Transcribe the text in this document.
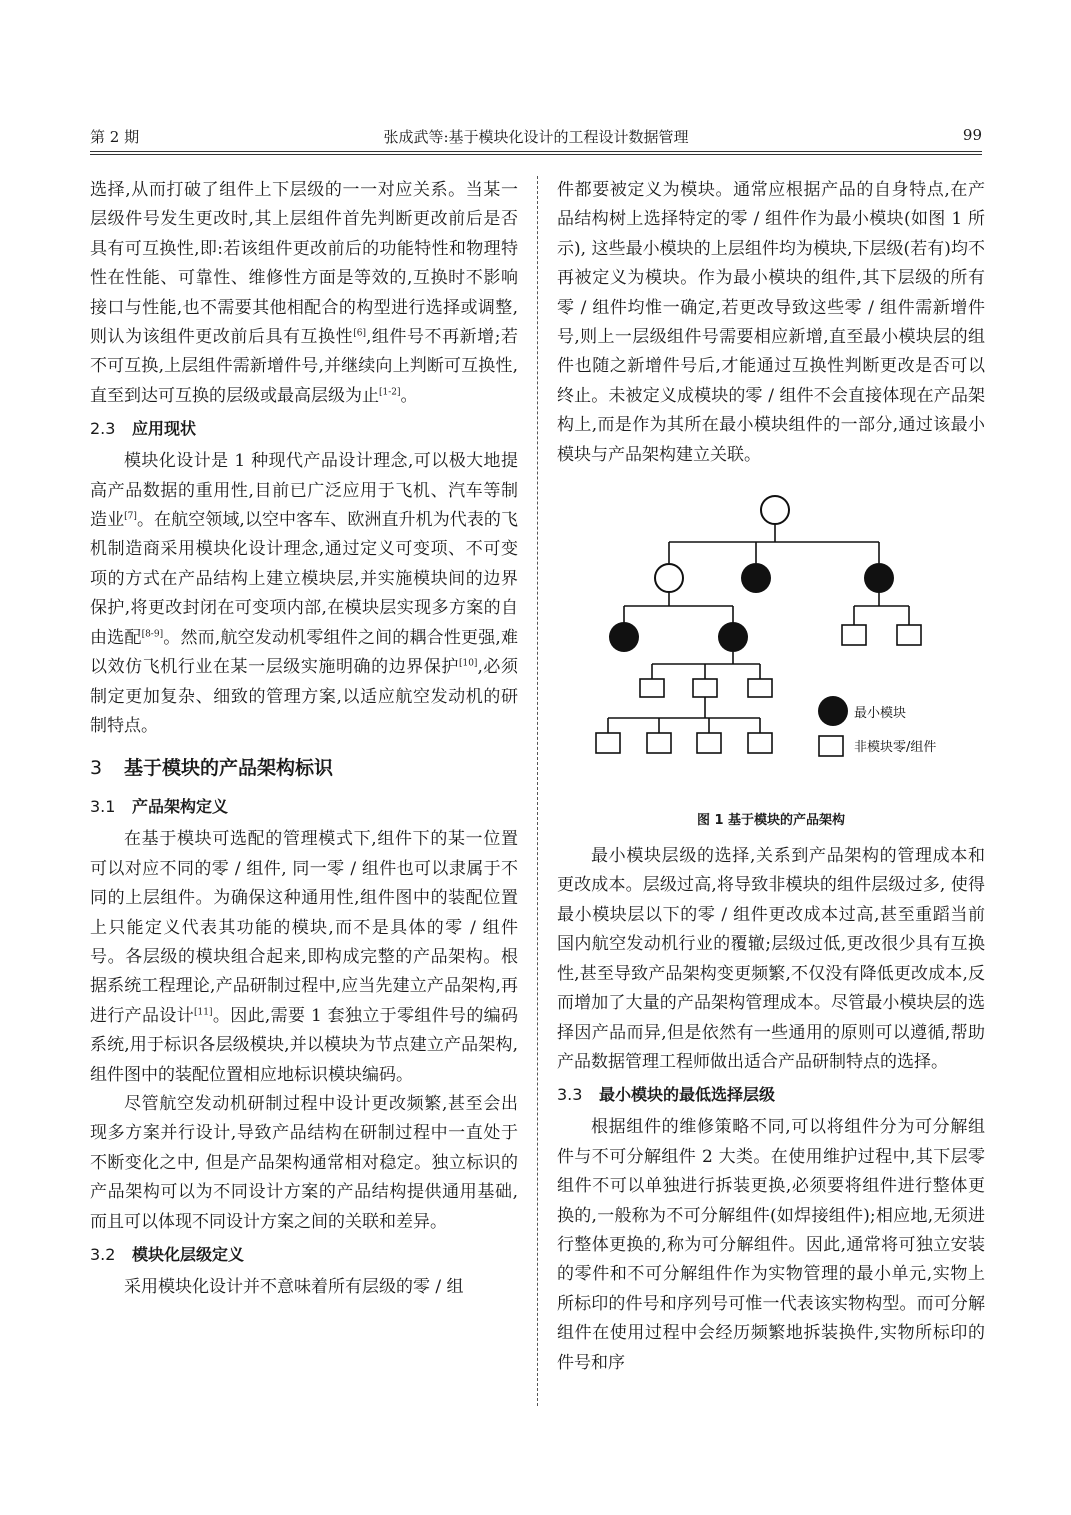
第 2 期	张成武等:基于模块化设计的工程设计数据管理	99

选择,从而打破了组件上下层级的一一对应关系。当某一层级件号发生更改时,其上层组件首先判断更改前后是否具有可互换性,即:若该组件更改前后的功能特性和物理特性在性能、可靠性、维修性方面是等效的,互换时不影响接口与性能,也不需要其他相配合的构型进行选择或调整,则认为该组件更改前后具有互换性[6],组件号不再新增;若不可互换,上层组件需新增件号,并继续向上判断可互换性,直至到达可互换的层级或最高层级为止[1-2]。

2.3 应用现状

模块化设计是 1 种现代产品设计理念,可以极大地提高产品数据的重用性,目前已广泛应用于飞机、汽车等制造业[7]。在航空领域,以空中客车、欧洲直升机为代表的飞机制造商采用模块化设计理念,通过定义可变项、不可变项的方式在产品结构上建立模块层,并实施模块间的边界保护,将更改封闭在可变项内部,在模块层实现多方案的自由选配[8-9]。然而,航空发动机零组件之间的耦合性更强,难以效仿飞机行业在某一层级实施明确的边界保护[10],必须制定更加复杂、细致的管理方案,以适应航空发动机的研制特点。

3 基于模块的产品架构标识
3.1 产品架构定义

在基于模块可选配的管理模式下,组件下的某一位置可以对应不同的零 / 组件, 同一零 / 组件也可以隶属于不同的上层组件。为确保这种通用性,组件图中的装配位置上只能定义代表其功能的模块,而不是具体的零 / 组件号。各层级的模块组合起来,即构成完整的产品架构。根据系统工程理论,产品研制过程中,应当先建立产品架构,再进行产品设计[11]。因此,需要 1 套独立于零组件号的编码系统,用于标识各层级模块,并以模块为节点建立产品架构,组件图中的装配位置相应地标识模块编码。

尽管航空发动机研制过程中设计更改频繁,甚至会出现多方案并行设计,导致产品结构在研制过程中一直处于不断变化之中, 但是产品架构通常相对稳定。独立标识的产品架构可以为不同设计方案的产品结构提供通用基础,而且可以体现不同设计方案之间的关联和差异。

3.2 模块化层级定义

采用模块化设计并不意味着所有层级的零 / 组

件都要被定义为模块。通常应根据产品的自身特点,在产品结构树上选择特定的零 / 组件作为最小模块(如图 1 所示), 这些最小模块的上层组件均为模块,下层级(若有)均不再被定义为模块。作为最小模块的组件,其下层级的所有零 / 组件均惟一确定,若更改导致这些零 / 组件需新增件号,则上一层级组件号需要相应新增,直至最小模块层的组件也随之新增件号后,才能通过互换性判断更改是否可以终止。未被定义成模块的零 / 组件不会直接体现在产品架构上,而是作为其所在最小模块组件的一部分,通过该最小模块与产品架构建立关联。

最小模块
非模块零/组件

图 1 基于模块的产品架构

最小模块层级的选择,关系到产品架构的管理成本和更改成本。层级过高,将导致非模块的组件层级过多, 使得最小模块层以下的零 / 组件更改成本过高,甚至重蹈当前国内航空发动机行业的覆辙;层级过低,更改很少具有互换性,甚至导致产品架构变更频繁,不仅没有降低更改成本,反而增加了大量的产品架构管理成本。尽管最小模块层的选择因产品而异,但是依然有一些通用的原则可以遵循,帮助产品数据管理工程师做出适合产品研制特点的选择。

3.3 最小模块的最低选择层级

根据组件的维修策略不同,可以将组件分为可分解组件与不可分解组件 2 大类。在使用维护过程中,其下层零组件不可以单独进行拆装更换,必须要将组件进行整体更换的,一般称为不可分解组件(如焊接组件);相应地,无须进行整体更换的,称为可分解组件。因此,通常将可独立安装的零件和不可分解组件作为实物管理的最小单元,实物上所标印的件号和序列号可惟一代表该实物构型。而可分解组件在使用过程中会经历频繁地拆装换件,实物所标印的件号和序
